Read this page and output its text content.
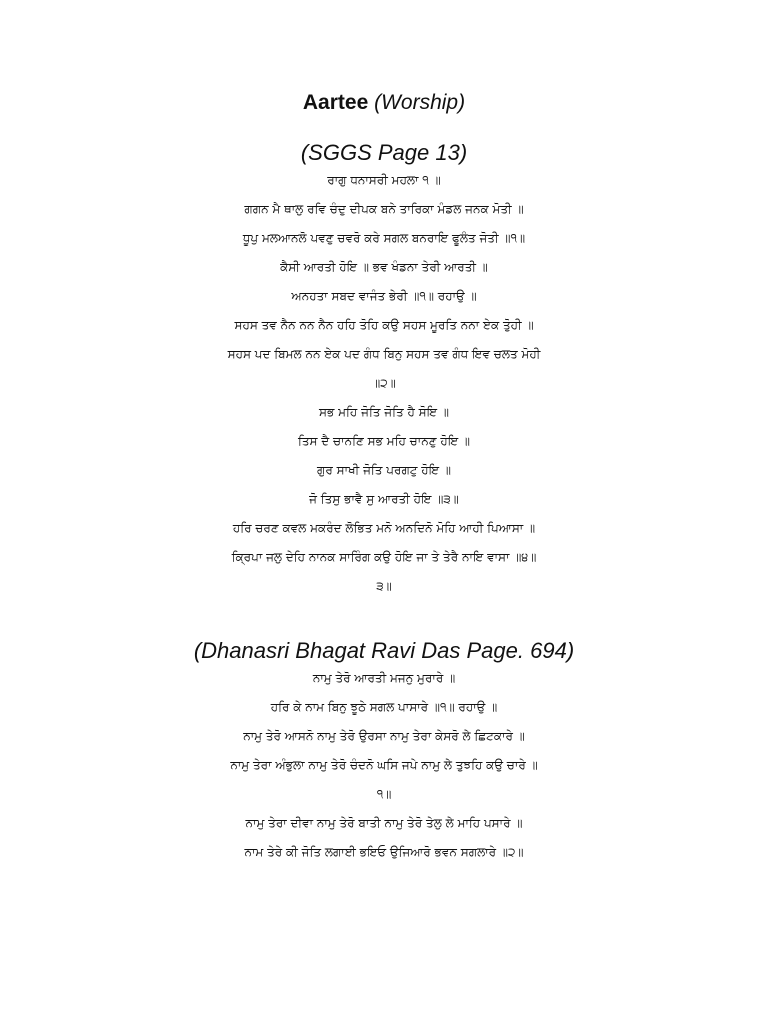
Aartee (Worship)

(SGGS Page 13)

ਰਾਗੁ ਧਨਾਸਰੀ ਮਹਲਾ ੧ ॥

ਗਗਨ ਮੈ ਥਾਲੁ ਰਵਿ ਚੰਦੁ ਦੀਪਕ ਬਨੇ ਤਾਰਿਕਾ ਮੰਡਲ ਜਨਕ ਮੋਤੀ ॥

ਧੂਪੁ ਮਲਆਨਲੋ ਪਵਣੁ ਚਵਰੋ ਕਰੇ ਸਗਲ ਬਨਰਾਇ ਫੂਲੰਤ ਜੋਤੀ ॥੧॥

ਕੈਸੀ ਆਰਤੀ ਹੋਇ ॥ ਭਵ ਖੰਡਨਾ ਤੇਰੀ ਆਰਤੀ ॥

ਅਨਹਤਾ ਸਬਦ ਵਾਜੰਤ ਭੇਰੀ ॥੧॥ ਰਹਾਉ ॥

ਸਹਸ ਤਵ ਨੈਨ ਨਨ ਨੈਨ ਹਹਿ ਤੋਹਿ ਕਉ ਸਹਸ ਮੂਰਤਿ ਨਨਾ ਏਕ ਤੁੋਹੀ ॥

ਸਹਸ ਪਦ ਬਿਮਲ ਨਨ ਏਕ ਪਦ ਗੰਧ ਬਿਨੁ ਸਹਸ ਤਵ ਗੰਧ ਇਵ ਚਲਤ ਮੋਹੀ

॥੨॥

ਸਭ ਮਹਿ ਜੋਤਿ ਜੋਤਿ ਹੈ ਸੋਇ ॥

ਤਿਸ ਦੈ ਚਾਨਣਿ ਸਭ ਮਹਿ ਚਾਨਣੁ ਹੋਇ ॥

ਗੁਰ ਸਾਖੀ ਜੋਤਿ ਪਰਗਟੁ ਹੋਇ ॥

ਜੋ ਤਿਸੁ ਭਾਵੈ ਸੁ ਆਰਤੀ ਹੋਇ ॥੩॥

ਹਰਿ ਚਰਣ ਕਵਲ ਮਕਰੰਦ ਲੋਭਿਤ ਮਨੋ ਅਨਦਿਨੋ ਮੋਹਿ ਆਹੀ ਪਿਆਸਾ ॥

ਕ੍ਰਿਪਾ ਜਲੁ ਦੇਹਿ ਨਾਨਕ ਸਾਰਿੰਗ ਕਉ ਹੋਇ ਜਾ ਤੇ ਤੇਰੈ ਨਾਇ ਵਾਸਾ ॥੪॥

੩॥

(Dhanasri Bhagat Ravi Das Page. 694)

ਨਾਮੁ ਤੇਰੋ ਆਰਤੀ ਮਜਨੁ ਮੁਰਾਰੇ ॥

ਹਰਿ ਕੇ ਨਾਮ ਬਿਨੁ ਝੂਠੇ ਸਗਲ ਪਾਸਾਰੇ ॥੧॥ ਰਹਾਉ ॥

ਨਾਮੁ ਤੇਰੋ ਆਸਨੋ ਨਾਮੁ ਤੇਰੋ ਉਰਸਾ ਨਾਮੁ ਤੇਰਾ ਕੇਸਰੋ ਲੇ ਛਿਟਕਾਰੇ ॥

ਨਾਮੁ ਤੇਰਾ ਅੰਭੁਲਾ ਨਾਮੁ ਤੇਰੋ ਚੰਦਨੋ ਘਸਿ ਜਪੇ ਨਾਮੁ ਲੇ ਤੁਝਹਿ ਕਉ ਚਾਰੇ ॥

੧॥

ਨਾਮੁ ਤੇਰਾ ਦੀਵਾ ਨਾਮੁ ਤੇਰੋ ਬਾਤੀ ਨਾਮੁ ਤੇਰੋ ਤੇਲੁ ਲੇ ਮਾਹਿ ਪਸਾਰੇ ॥

ਨਾਮ ਤੇਰੇ ਕੀ ਜੋਤਿ ਲਗਾਈ ਭਇਓ ਉਜਿਆਰੋ ਭਵਨ ਸਗਲਾਰੇ ॥੨॥
